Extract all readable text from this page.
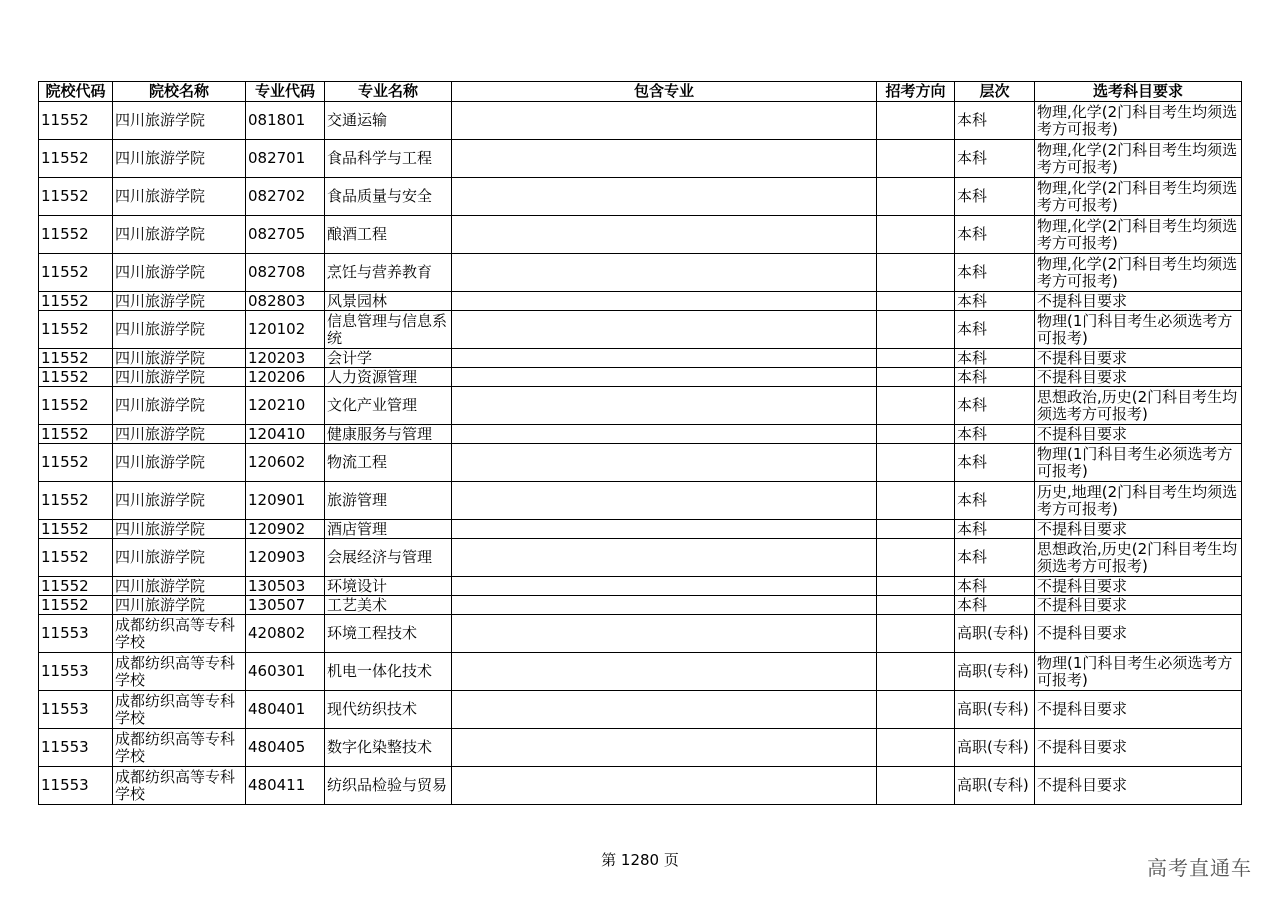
院校代码	院校名称	专业代码	专业名称	包含专业	招考方向	层次	选考科目要求
11552	四川旅游学院	081801	交通运输			本科	物理,化学(2门科目考生均须选考方可报考)
11552	四川旅游学院	082701	食品科学与工程			本科	物理,化学(2门科目考生均须选考方可报考)
11552	四川旅游学院	082702	食品质量与安全			本科	物理,化学(2门科目考生均须选考方可报考)
11552	四川旅游学院	082705	酿酒工程			本科	物理,化学(2门科目考生均须选考方可报考)
11552	四川旅游学院	082708	烹饪与营养教育			本科	物理,化学(2门科目考生均须选考方可报考)
11552	四川旅游学院	082803	风景园林			本科	不提科目要求
11552	四川旅游学院	120102	信息管理与信息系统			本科	物理(1门科目考生必须选考方可报考)
11552	四川旅游学院	120203	会计学			本科	不提科目要求
11552	四川旅游学院	120206	人力资源管理			本科	不提科目要求
11552	四川旅游学院	120210	文化产业管理			本科	思想政治,历史(2门科目考生均须选考方可报考)
11552	四川旅游学院	120410	健康服务与管理			本科	不提科目要求
11552	四川旅游学院	120602	物流工程			本科	物理(1门科目考生必须选考方可报考)
11552	四川旅游学院	120901	旅游管理			本科	历史,地理(2门科目考生均须选考方可报考)
11552	四川旅游学院	120902	酒店管理			本科	不提科目要求
11552	四川旅游学院	120903	会展经济与管理			本科	思想政治,历史(2门科目考生均须选考方可报考)
11552	四川旅游学院	130503	环境设计			本科	不提科目要求
11552	四川旅游学院	130507	工艺美术			本科	不提科目要求
11553	成都纺织高等专科学校	420802	环境工程技术			高职(专科)	不提科目要求
11553	成都纺织高等专科学校	460301	机电一体化技术			高职(专科)	物理(1门科目考生必须选考方可报考)
11553	成都纺织高等专科学校	480401	现代纺织技术			高职(专科)	不提科目要求
11553	成都纺织高等专科学校	480405	数字化染整技术			高职(专科)	不提科目要求
11553	成都纺织高等专科学校	480411	纺织品检验与贸易			高职(专科)	不提科目要求
第 1280 页	高考直通车
